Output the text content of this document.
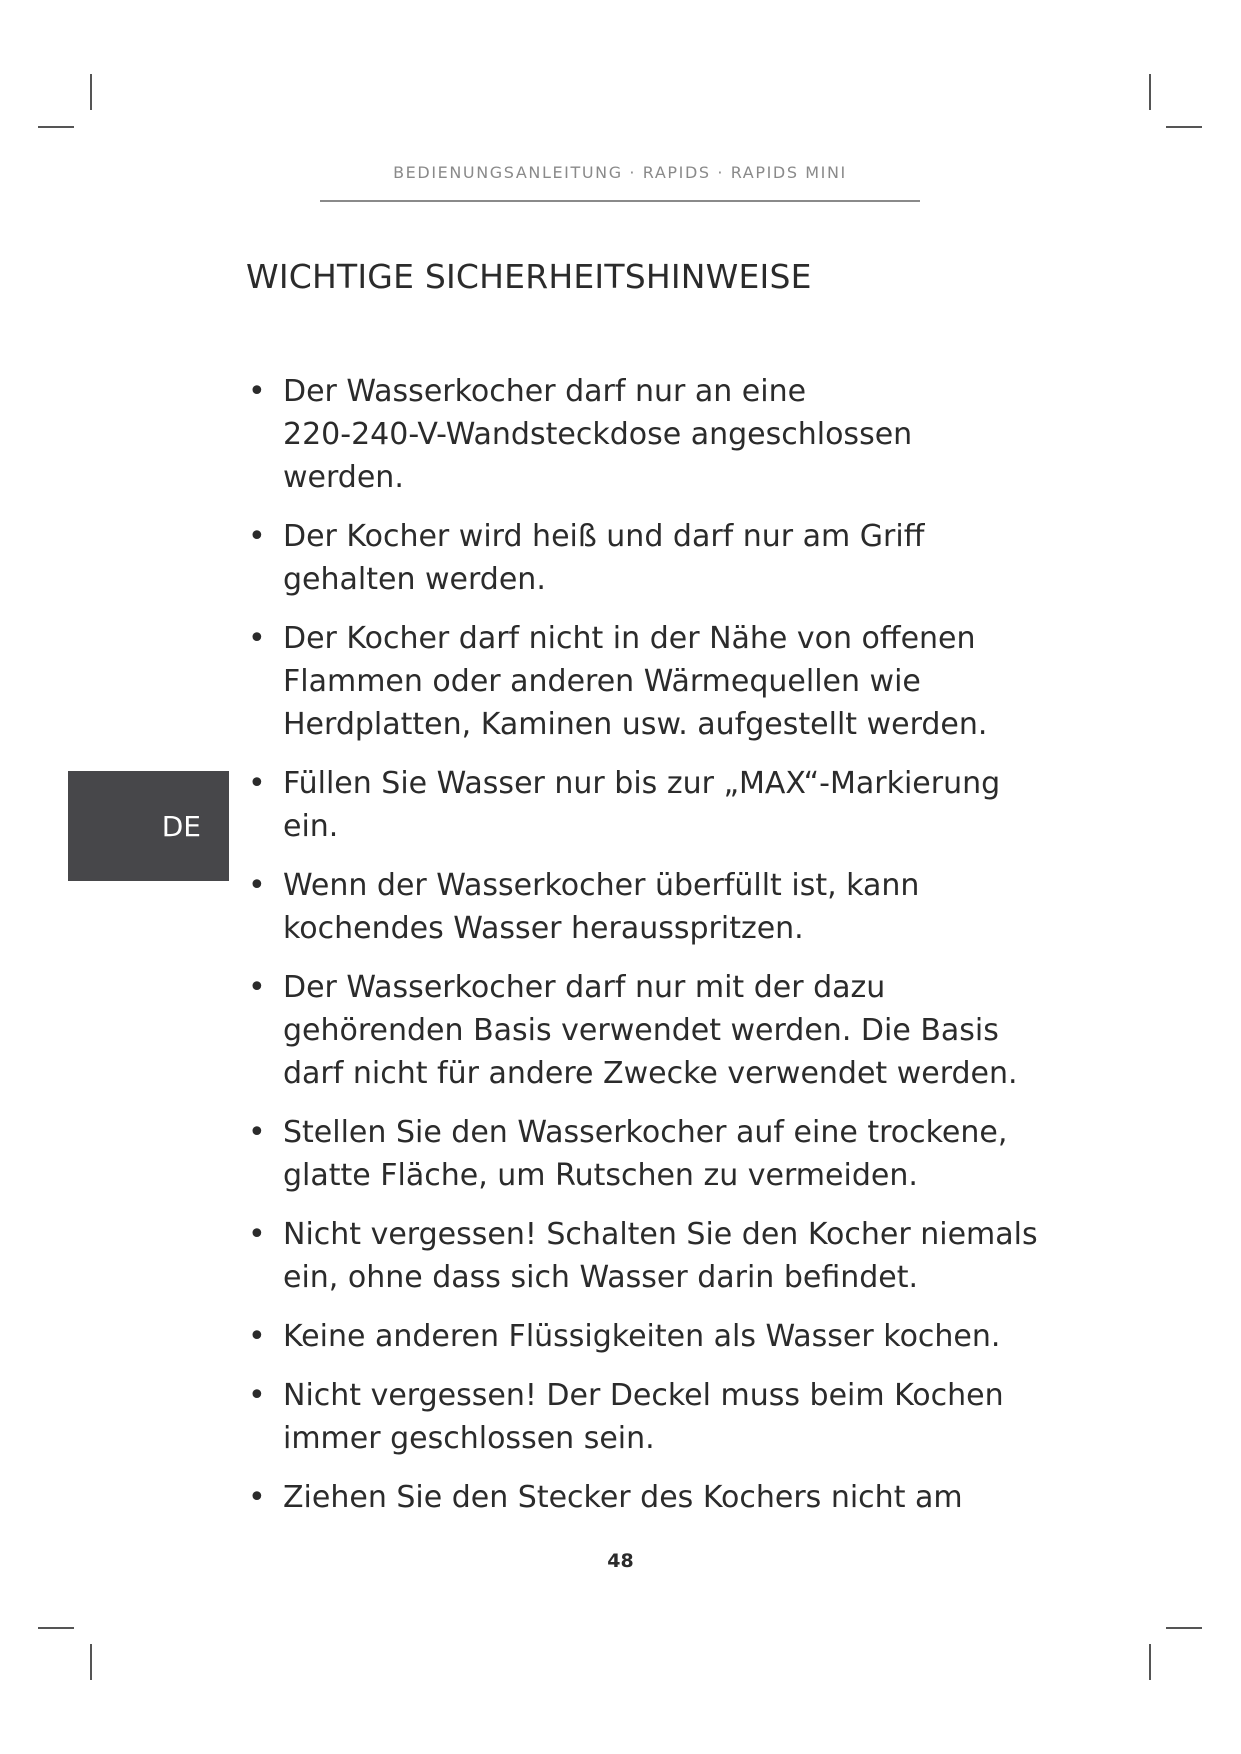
BEDIENUNGSANLEITUNG · RAPIDS · RAPIDS MINI
WICHTIGE SICHERHEITSHINWEISE
• Der Wasserkocher darf nur an eine
220-240-V-Wandsteckdose angeschlossen
werden.
• Der Kocher wird heiß und darf nur am Griff
gehalten werden.
• Der Kocher darf nicht in der Nähe von offenen
Flammen oder anderen Wärmequellen wie
Herdplatten, Kaminen usw. aufgestellt werden.
• Füllen Sie Wasser nur bis zur „MAX“-Markierung
ein.
• Wenn der Wasserkocher überfüllt ist, kann
kochendes Wasser herausspritzen.
• Der Wasserkocher darf nur mit der dazu
gehörenden Basis verwendet werden. Die Basis
darf nicht für andere Zwecke verwendet werden.
• Stellen Sie den Wasserkocher auf eine trockene,
glatte Fläche, um Rutschen zu vermeiden.
• Nicht vergessen! Schalten Sie den Kocher niemals
ein, ohne dass sich Wasser darin befindet.
• Keine anderen Flüssigkeiten als Wasser kochen.
• Nicht vergessen! Der Deckel muss beim Kochen
immer geschlossen sein.
• Ziehen Sie den Stecker des Kochers nicht am
DE
48
